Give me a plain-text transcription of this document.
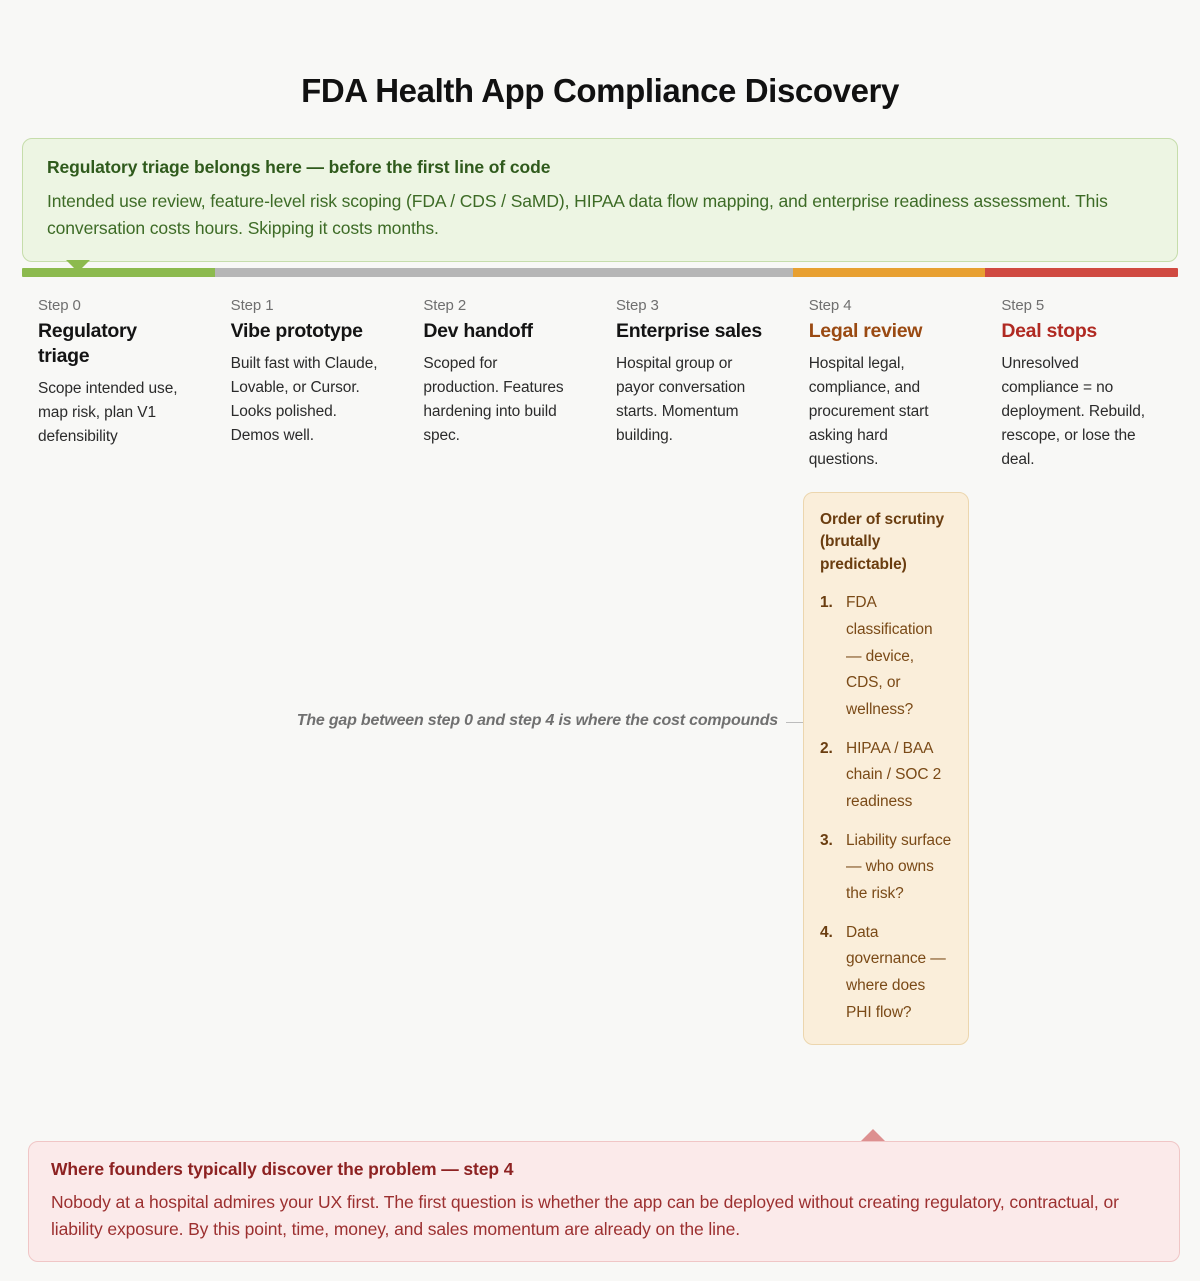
FDA Health App Compliance Discovery
Regulatory triage belongs here — before the first line of code
Intended use review, feature-level risk scoping (FDA / CDS / SaMD), HIPAA data flow mapping, and enterprise readiness assessment. This conversation costs hours. Skipping it costs months.
Step 0
Regulatory triage
Scope intended use, map risk, plan V1 defensibility
Step 1
Vibe prototype
Built fast with Claude, Lovable, or Cursor. Looks polished. Demos well.
Step 2
Dev handoff
Scoped for production. Features hardening into build spec.
Step 3
Enterprise sales
Hospital group or payor conversation starts. Momentum building.
Step 4
Legal review
Hospital legal, compliance, and procurement start asking hard questions.
Step 5
Deal stops
Unresolved compliance = no deployment. Rebuild, rescope, or lose the deal.
The gap between step 0 and step 4 is where the cost compounds
Order of scrutiny (brutally predictable)
1. FDA classification — device, CDS, or wellness?
2. HIPAA / BAA chain / SOC 2 readiness
3. Liability surface — who owns the risk?
4. Data governance — where does PHI flow?
Where founders typically discover the problem — step 4
Nobody at a hospital admires your UX first. The first question is whether the app can be deployed without creating regulatory, contractual, or liability exposure. By this point, time, money, and sales momentum are already on the line.
